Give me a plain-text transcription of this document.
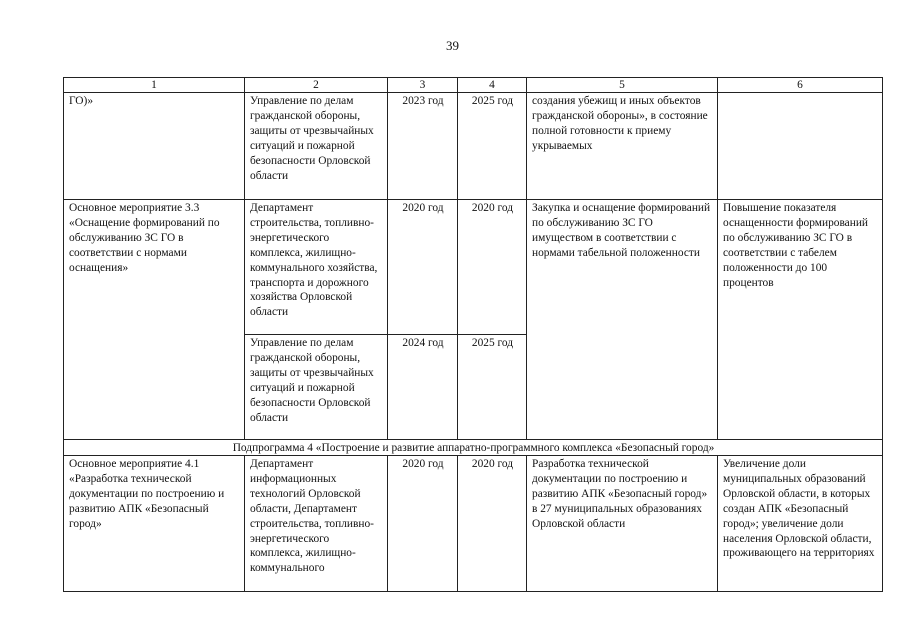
39
1	2	3	4	5	6
ГО)»	Управление по делам гражданской обороны, защиты от чрезвычайных ситуаций и пожарной безопасности Орловской области	2023 год	2025 год	создания убежищ и иных объектов гражданской обороны», в состояние полной готовности к приему укрываемых	
Основное мероприятие 3.3 «Оснащение формирований по обслуживанию ЗС ГО в соответствии с нормами оснащения»	Департамент строительства, топливно-энергетического комплекса, жилищно-коммунального хозяйства, транспорта и дорожного хозяйства Орловской области	2020 год	2020 год	Закупка и оснащение формирований по обслуживанию ЗС ГО имуществом в соответствии с нормами табельной положенности	Повышение показателя оснащенности формирований по обслуживанию ЗС ГО в соответствии с табелем положенности до 100 процентов
	Управление по делам гражданской обороны, защиты от чрезвычайных ситуаций и пожарной безопасности Орловской области	2024 год	2025 год		
Подпрограмма 4 «Построение и развитие аппаратно-программного комплекса «Безопасный город»					

Основное мероприятие 4.1 «Разработка технической документации по построению и развитию АПК «Безопасный город»	Департамент информационных технологий Орловской области, Департамент строительства, топливно-энергетического комплекса, жилищно-коммунального	2020 год	2020 год	Разработка технической документации по построению и развитию АПК «Безопасный город» в 27 муниципальных образованиях Орловской области	Увеличение доли муниципальных образований Орловской области, в которых создан АПК «Безопасный город»; увеличение доли населения Орловской области, проживающего на территориях
